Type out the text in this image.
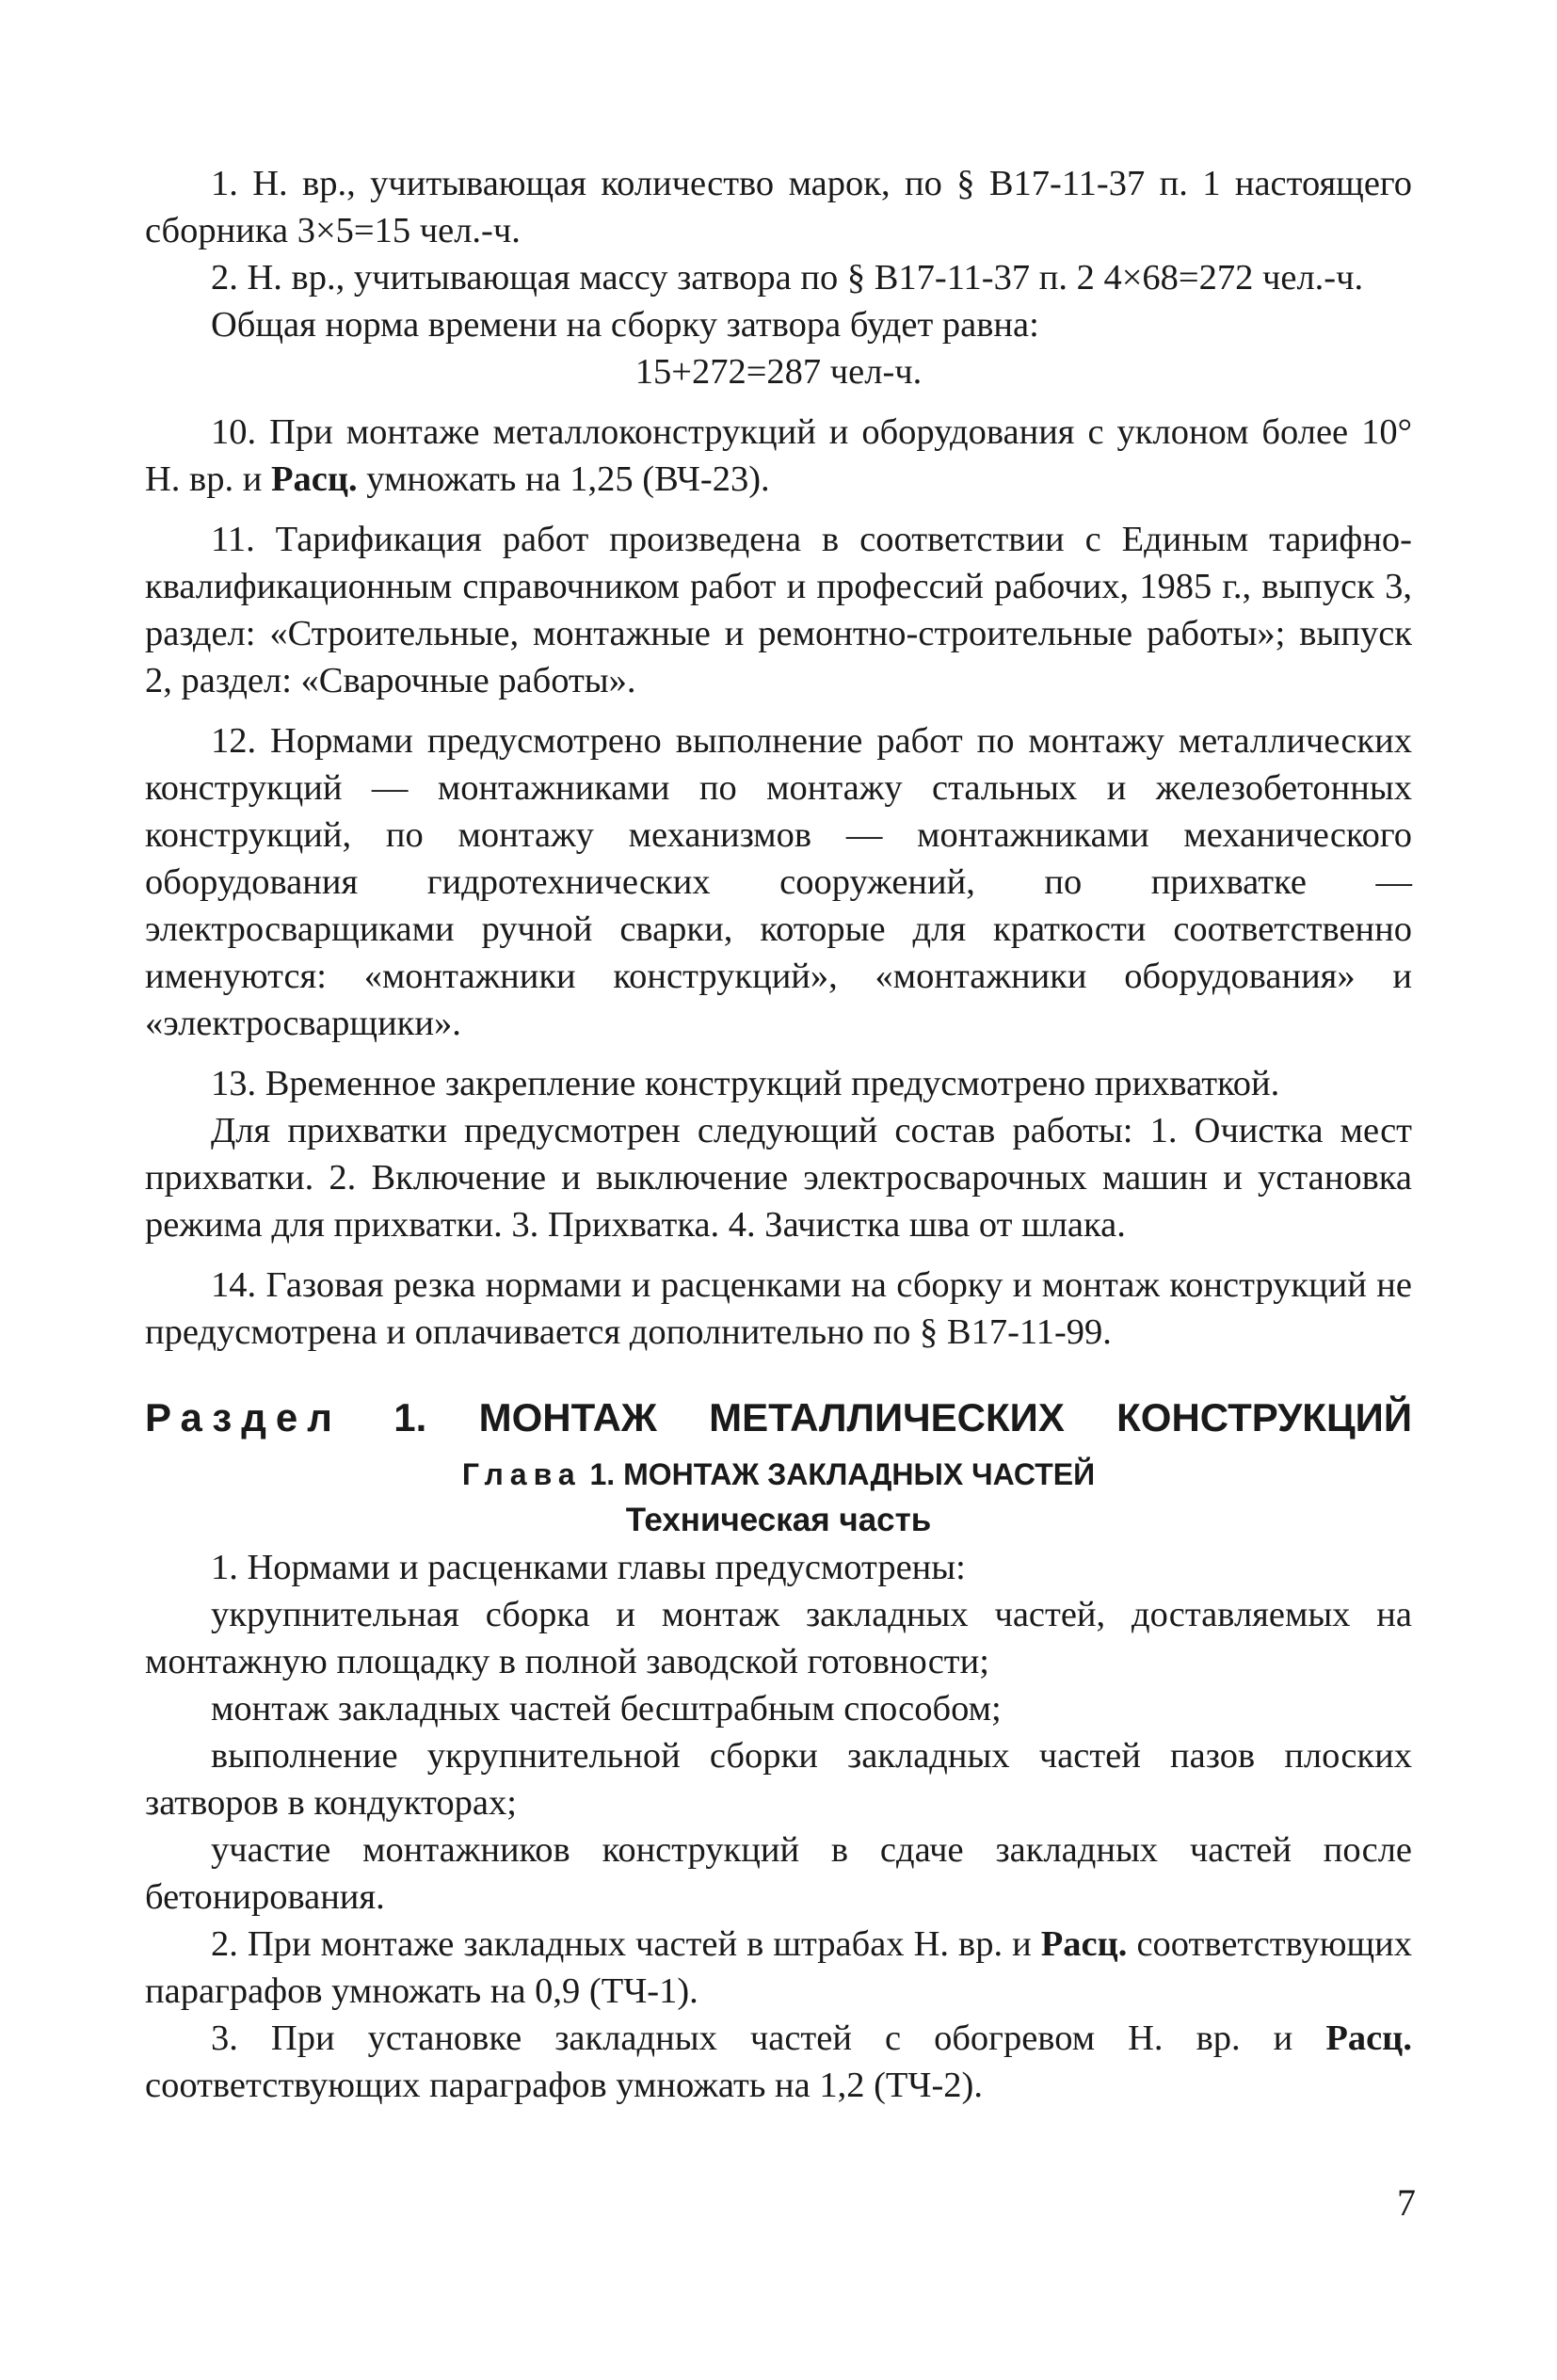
1. Н. вр., учитывающая количество марок, по § В17-11-37 п. 1 настоящего сборника 3×5=15 чел.-ч.

2. Н. вр., учитывающая массу затвора по § В17-11-37 п. 2 4×68=272 чел.-ч.

Общая норма времени на сборку затвора будет равна:

15+272=287 чел-ч.

10. При монтаже металлоконструкций и оборудования с уклоном более 10° Н. вр. и Расц. умножать на 1,25 (ВЧ-23).

11. Тарификация работ произведена в соответствии с Единым тарифно-квалификационным справочником работ и профессий рабочих, 1985 г., выпуск 3, раздел: «Строительные, монтажные и ремонтно-строительные работы»; выпуск 2, раздел: «Сварочные работы».

12. Нормами предусмотрено выполнение работ по монтажу металлических конструкций — монтажниками по монтажу стальных и железобетонных конструкций, по монтажу механизмов — монтажниками механического оборудования гидротехнических сооружений, по прихватке — электросварщиками ручной сварки, которые для краткости соответственно именуются: «монтажники конструкций», «монтажники оборудования» и «электросварщики».

13. Временное закрепление конструкций предусмотрено прихваткой.

Для прихватки предусмотрен следующий состав работы: 1. Очистка мест прихватки. 2. Включение и выключение электросварочных машин и установка режима для прихватки. 3. Прихватка. 4. Зачистка шва от шлака.

14. Газовая резка нормами и расценками на сборку и монтаж конструкций не предусмотрена и оплачивается дополнительно по § В17-11-99.

Раздел 1. МОНТАЖ МЕТАЛЛИЧЕСКИХ КОНСТРУКЦИЙ
Глава 1. МОНТАЖ ЗАКЛАДНЫХ ЧАСТЕЙ
Техническая часть

1. Нормами и расценками главы предусмотрены:

укрупнительная сборка и монтаж закладных частей, доставляемых на монтажную площадку в полной заводской готовности;

монтаж закладных частей бесштрабным способом;

выполнение укрупнительной сборки закладных частей пазов плоских затворов в кондукторах;

участие монтажников конструкций в сдаче закладных частей после бетонирования.

2. При монтаже закладных частей в штрабах Н. вр. и Расц. соответствующих параграфов умножать на 0,9 (ТЧ-1).

3. При установке закладных частей с обогревом Н. вр. и Расц. соответствующих параграфов умножать на 1,2 (ТЧ-2).

7
